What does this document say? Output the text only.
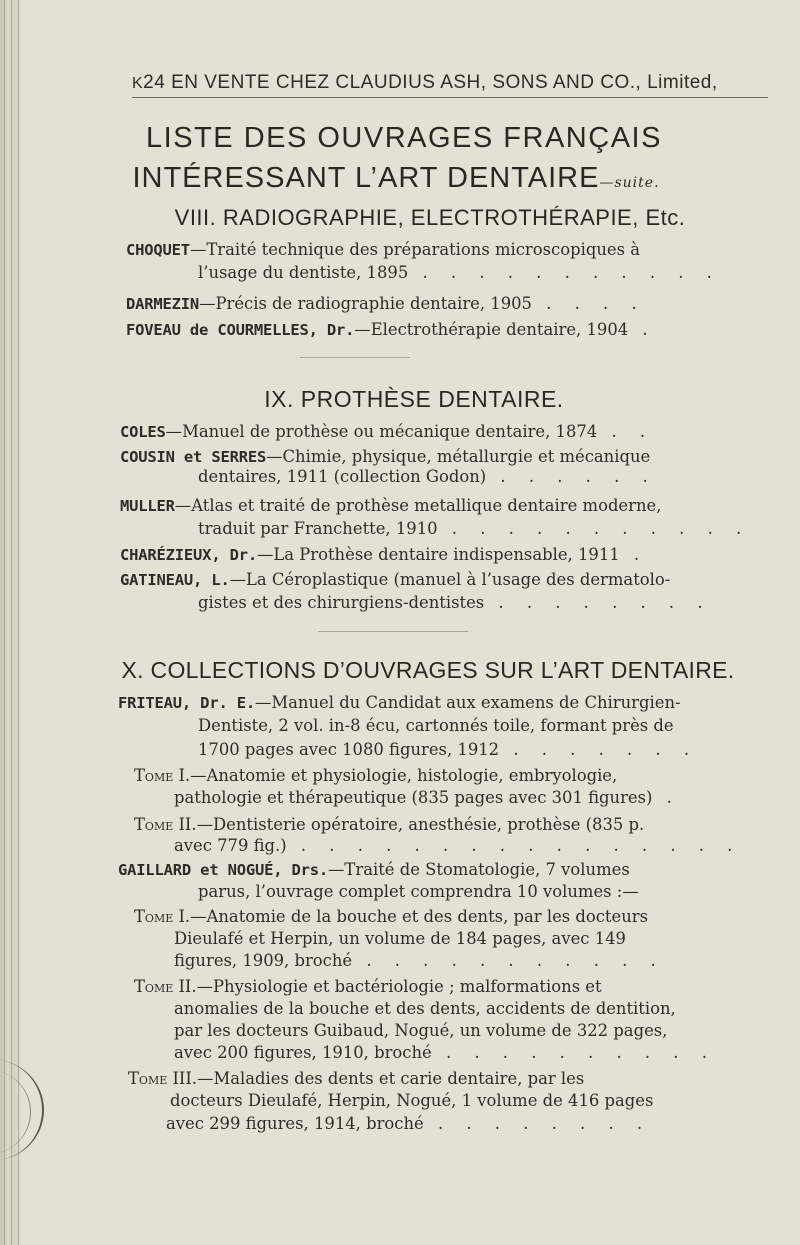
K24 EN VENTE CHEZ CLAUDIUS ASH, SONS AND CO., Limited,
LISTE DES OUVRAGES FRANÇAIS
INTÉRESSANT L’ART DENTAIRE—suite.
VIII. RADIOGRAPHIE, ELECTROTHÉRAPIE, Etc.
CHOQUET—Traité technique des préparations microscopiques à
l’usage du dentiste, 1895 . . . . . . . . . . .
DARMEZIN—Précis de radiographie dentaire, 1905 . . . .
FOVEAU de COURMELLES, Dr.—Electrothérapie dentaire, 1904 .
IX. PROTHÈSE DENTAIRE.
COLES—Manuel de prothèse ou mécanique dentaire, 1874 . .
COUSIN et SERRES—Chimie, physique, métallurgie et mécanique
dentaires, 1911 (collection Godon) . . . . . .
MULLER—Atlas et traité de prothèse metallique dentaire moderne,
traduit par Franchette, 1910 . . . . . . . . . . .
CHARÉZIEUX, Dr.—La Prothèse dentaire indispensable, 1911 .
GATINEAU, L.—La Céroplastique (manuel à l’usage des dermatolo-
gistes et des chirurgiens-dentistes . . . . . . . .
X. COLLECTIONS D’OUVRAGES SUR L’ART DENTAIRE.
FRITEAU, Dr. E.—Manuel du Candidat aux examens de Chirurgien-
Dentiste, 2 vol. in-8 écu, cartonnés toile, formant près de
1700 pages avec 1080 figures, 1912 . . . . . . .
Tome I.—Anatomie et physiologie, histologie, embryologie,
pathologie et thérapeutique (835 pages avec 301 figures) .
Tome II.—Dentisterie opératoire, anesthésie, prothèse (835 p.
avec 779 fig.) . . . . . . . . . . . . . . . .
GAILLARD et NOGUÉ, Drs.—Traité de Stomatologie, 7 volumes
parus, l’ouvrage complet comprendra 10 volumes :—
Tome I.—Anatomie de la bouche et des dents, par les docteurs
Dieulafé et Herpin, un volume de 184 pages, avec 149
figures, 1909, broché . . . . . . . . . . .
Tome II.—Physiologie et bactériologie ; malformations et
anomalies de la bouche et des dents, accidents de dentition,
par les docteurs Guibaud, Nogué, un volume de 322 pages,
avec 200 figures, 1910, broché . . . . . . . . . .
Tome III.—Maladies des dents et carie dentaire, par les
docteurs Dieulafé, Herpin, Nogué, 1 volume de 416 pages
avec 299 figures, 1914, broché . . . . . . . .
